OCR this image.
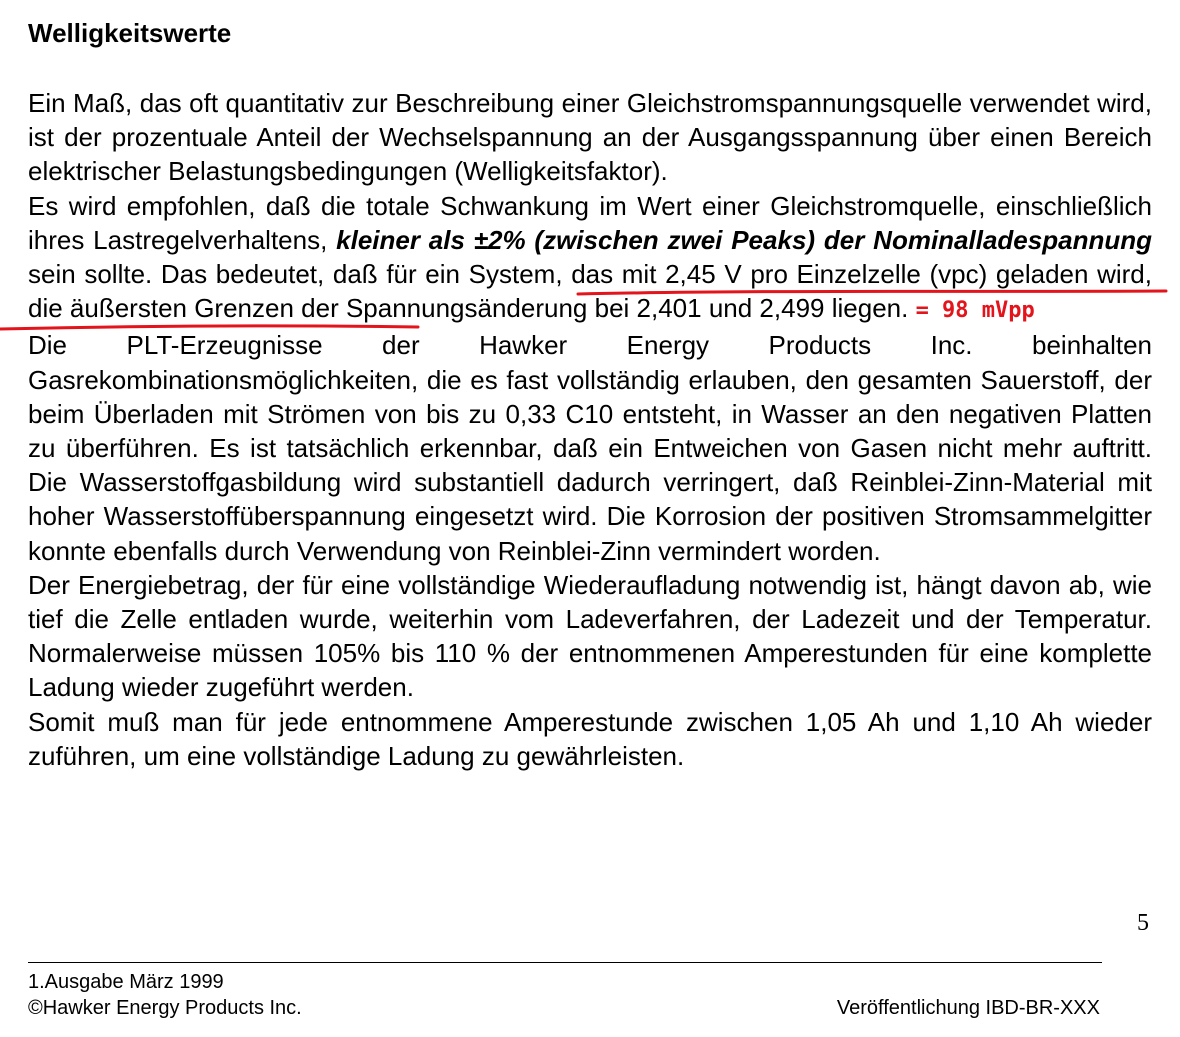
Welligkeitswerte

Ein Maß, das oft quantitativ zur Beschreibung einer Gleichstromspannungsquelle verwendet wird, ist der prozentuale Anteil der Wechselspannung an der Ausgangsspannung über einen Bereich elektrischer Belastungsbedingungen (Welligkeitsfaktor).

Es wird empfohlen, daß die totale Schwankung im Wert einer Gleichstromquelle, einschließlich ihres Lastregelverhaltens, kleiner als ±2% (zwischen zwei Peaks) der Nominalladespannung sein sollte. Das bedeutet, daß für ein System, das mit 2,45 V pro Einzelzelle (vpc) geladen wird, die äußersten Grenzen der Spannungsänderung bei 2,401 und 2,499 liegen. = 98 mVpp

Die PLT-Erzeugnisse der Hawker Energy Products Inc. beinhalten Gasrekombinationsmöglichkeiten, die es fast vollständig erlauben, den gesamten Sauerstoff, der beim Überladen mit Strömen von bis zu 0,33 C10 entsteht, in Wasser an den negativen Platten zu überführen. Es ist tatsächlich erkennbar, daß ein Entweichen von Gasen nicht mehr auftritt. Die Wasserstoffgasbildung wird substantiell dadurch verringert, daß Reinblei-Zinn-Material mit hoher Wasserstoffüberspannung eingesetzt wird. Die Korrosion der positiven Stromsammelgitter konnte ebenfalls durch Verwendung von Reinblei-Zinn vermindert worden.

Der Energiebetrag, der für eine vollständige Wiederaufladung notwendig ist, hängt davon ab, wie tief die Zelle entladen wurde, weiterhin vom Ladeverfahren, der Ladezeit und der Temperatur. Normalerweise müssen 105% bis 110 % der entnommenen Amperestunden für eine komplette Ladung wieder zugeführt werden.

Somit muß man für jede entnommene Amperestunde zwischen 1,05 Ah und 1,10 Ah wieder zuführen, um eine vollständige Ladung zu gewährleisten.

5
1.Ausgabe März 1999
©Hawker Energy Products Inc.	Veröffentlichung IBD-BR-XXX
